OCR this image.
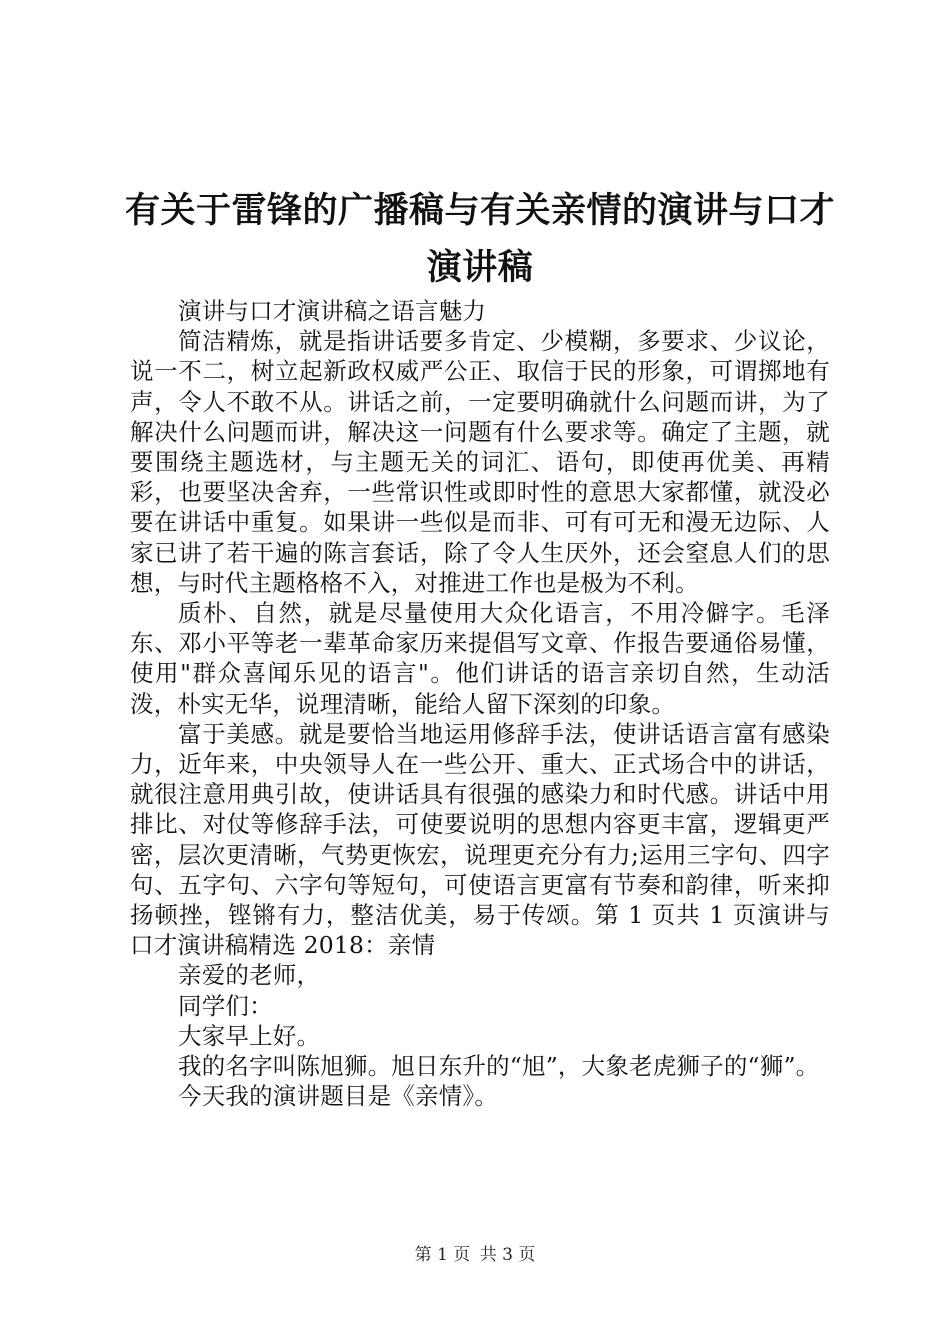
有关于雷锋的广播稿与有关亲情的演讲与口才
演讲稿

演讲与口才演讲稿之语言魅力

简洁精炼，就是指讲话要多肯定、少模糊，多要求、少议论，说一不二，树立起新政权威严公正、取信于民的形象，可谓掷地有声，令人不敢不从。讲话之前，一定要明确就什么问题而讲，为了解决什么问题而讲，解决这一问题有什么要求等。确定了主题，就要围绕主题选材，与主题无关的词汇、语句，即使再优美、再精彩，也要坚决舍弃，一些常识性或即时性的意思大家都懂，就没必要在讲话中重复。如果讲一些似是而非、可有可无和漫无边际、人家已讲了若干遍的陈言套话，除了令人生厌外，还会窒息人们的思想，与时代主题格格不入，对推进工作也是极为不利。

质朴、自然，就是尽量使用大众化语言，不用冷僻字。毛泽东、邓小平等老一辈革命家历来提倡写文章、作报告要通俗易懂，使用"群众喜闻乐见的语言"。他们讲话的语言亲切自然，生动活泼，朴实无华，说理清晰，能给人留下深刻的印象。

富于美感。就是要恰当地运用修辞手法，使讲话语言富有感染力，近年来，中央领导人在一些公开、重大、正式场合中的讲话，就很注意用典引故，使讲话具有很强的感染力和时代感。讲话中用排比、对仗等修辞手法，可使要说明的思想内容更丰富，逻辑更严密，层次更清晰，气势更恢宏，说理更充分有力;运用三字句、四字句、五字句、六字句等短句，可使语言更富有节奏和韵律，听来抑扬顿挫，铿锵有力，整洁优美，易于传颂。第 1 页共 1 页演讲与口才演讲稿精选 2018：亲情

亲爱的老师，

同学们：

大家早上好。

我的名字叫陈旭狮。旭日东升的“旭”，大象老虎狮子的“狮”。

今天我的演讲题目是《亲情》。

第 1 页 共 3 页
